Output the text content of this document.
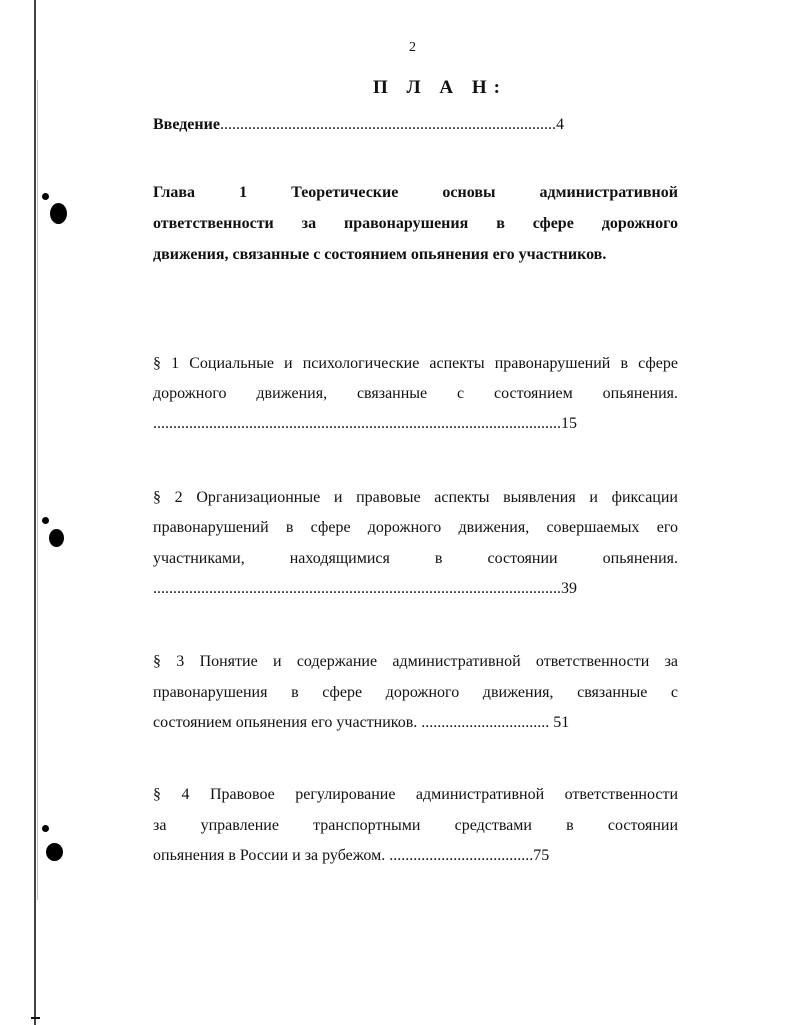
2

П Л А Н:

Введение....................................................................................4
Глава 1 Теоретические основы административной
ответственности за правонарушения в сфере дорожного
движения, связанные с состоянием опьянения его участников.
§ 1 Социальные и психологические аспекты правонарушений в сфере
дорожного движения, связанные с состоянием опьянения.
......................................................................................................15
§ 2 Организационные и правовые аспекты выявления и фиксации
правонарушений в сфере дорожного движения, совершаемых его
участниками, находящимися в состоянии опьянения.
......................................................................................................39
§ 3 Понятие и содержание административной ответственности за
правонарушения в сфере дорожного движения, связанные с
состоянием опьянения его участников. ................................ 51
§ 4 Правовое регулирование административной ответственности
за управление транспортными средствами в состоянии
опьянения в России и за рубежом. ....................................75
